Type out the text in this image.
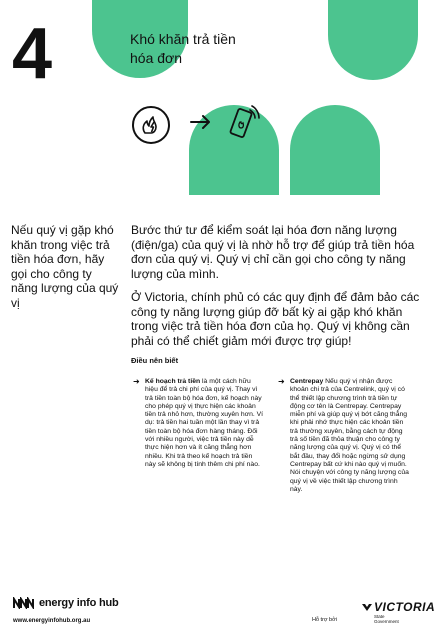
4	Khó khăn trả tiền hóa đơn
Nếu quý vị gặp khó khăn trong việc trả tiền hóa đơn, hãy gọi cho công ty năng lượng của quý vị
Bước thứ tư để kiểm soát lại hóa đơn năng lượng (điện/ga) của quý vị là nhờ hỗ trợ để giúp trả tiền hóa đơn của quý vị. Quý vị chỉ cần gọi cho công ty năng lượng của mình.
Ở Victoria, chính phủ có các quy định để đảm bảo các công ty năng lượng giúp đỡ bất kỳ ai gặp khó khăn trong việc trả tiền hóa đơn của họ. Quý vị không cần phải có thể chiết giảm mới được trợ giúp!
Điều nên biết
➜ Kế hoạch trả tiền là một cách hữu hiệu để trả chi phí của quý vị. Thay vì trả tiền toàn bộ hóa đơn, kế hoạch này cho phép quý vị thực hiện các khoản tiền trả nhỏ hơn, thường xuyên hơn. Ví dụ: trả tiền hai tuần một lần thay vì trả tiền toàn bộ hóa đơn hàng tháng. Đối với nhiều người, việc trả tiền này dễ thực hiện hơn và ít căng thẳng hơn nhiều. Khi trả theo kế hoạch trả tiền này sẽ không bị tính thêm chi phí nào.
➜ Centrepay Nếu quý vị nhận được khoản chi trả của Centrelink, quý vị có thể thiết lập chương trình trả tiền tự động cơ tên là Centrepay. Centrepay miễn phí và giúp quý vị bớt căng thẳng khi phải nhớ thực hiện các khoản tiền trả thường xuyên, bằng cách tự động trả số tiền đã thỏa thuận cho công ty năng lượng của quý vị. Quý vị có thể bắt đầu, thay đổi hoặc ngừng sử dụng Centrepay bất cứ khi nào quý vị muốn. Nói chuyện với công ty năng lượng của quý vị về việc thiết lập chương trình này.
energy info hub
www.energyinfohub.org.au	Hỗ trợ bởi
VICTORIA
State
Government
